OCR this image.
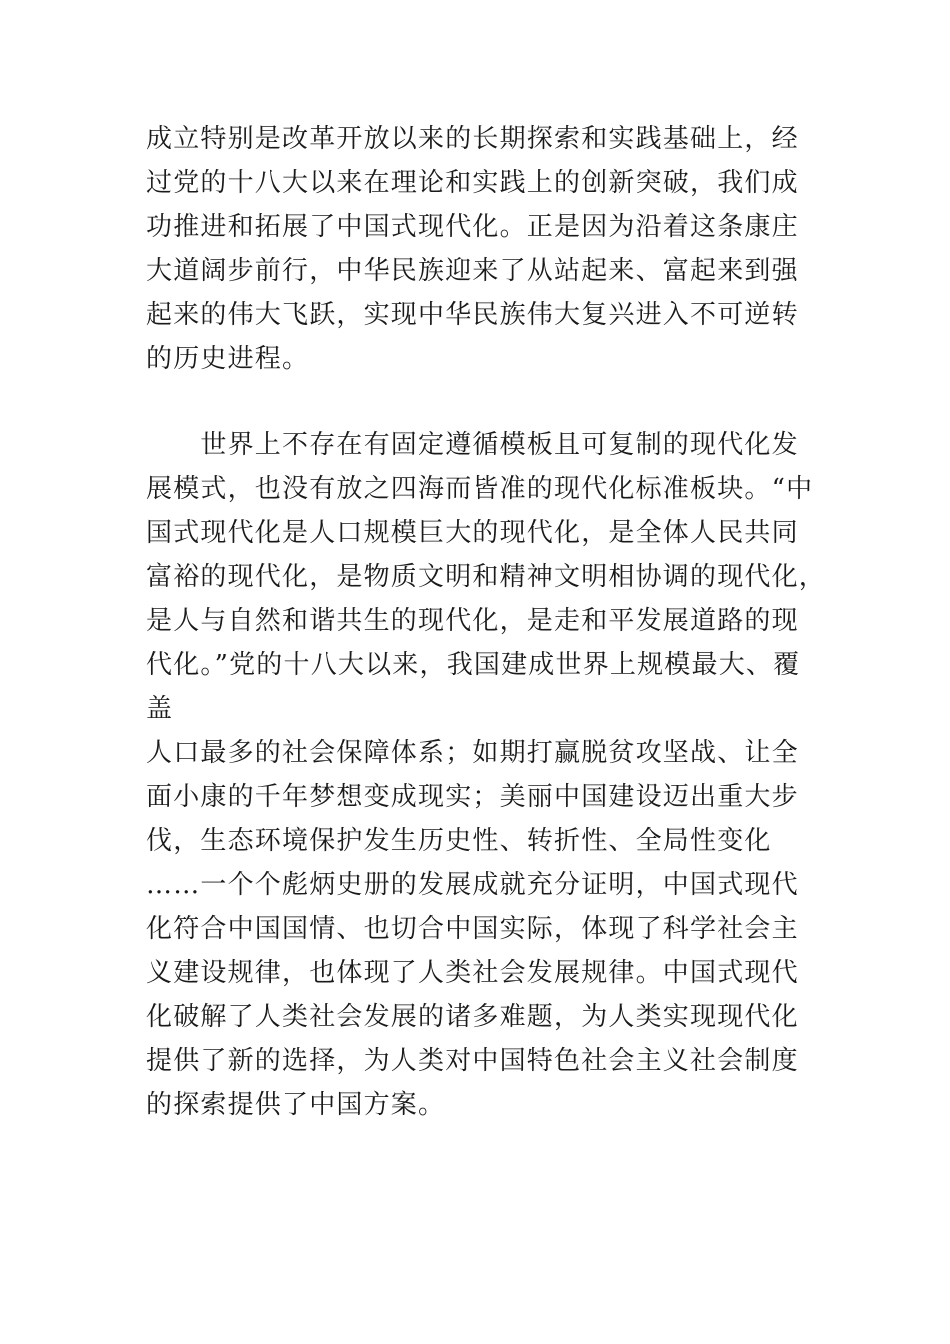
成立特别是改革开放以来的长期探索和实践基础上，经
过党的十八大以来在理论和实践上的创新突破，我们成
功推进和拓展了中国式现代化。正是因为沿着这条康庄
大道阔步前行，中华民族迎来了从站起来、富起来到强
起来的伟大飞跃，实现中华民族伟大复兴进入不可逆转
的历史进程。

　　世界上不存在有固定遵循模板且可复制的现代化发
展模式，也没有放之四海而皆准的现代化标准板块。“中
国式现代化是人口规模巨大的现代化，是全体人民共同
富裕的现代化，是物质文明和精神文明相协调的现代化，
是人与自然和谐共生的现代化，是走和平发展道路的现
代化。”党的十八大以来，我国建成世界上规模最大、覆盖
人口最多的社会保障体系；如期打赢脱贫攻坚战、让全
面小康的千年梦想变成现实；美丽中国建设迈出重大步
伐，生态环境保护发生历史性、转折性、全局性变化
……一个个彪炳史册的发展成就充分证明，中国式现代
化符合中国国情、也切合中国实际，体现了科学社会主
义建设规律，也体现了人类社会发展规律。中国式现代
化破解了人类社会发展的诸多难题，为人类实现现代化
提供了新的选择，为人类对中国特色社会主义社会制度
的探索提供了中国方案。
